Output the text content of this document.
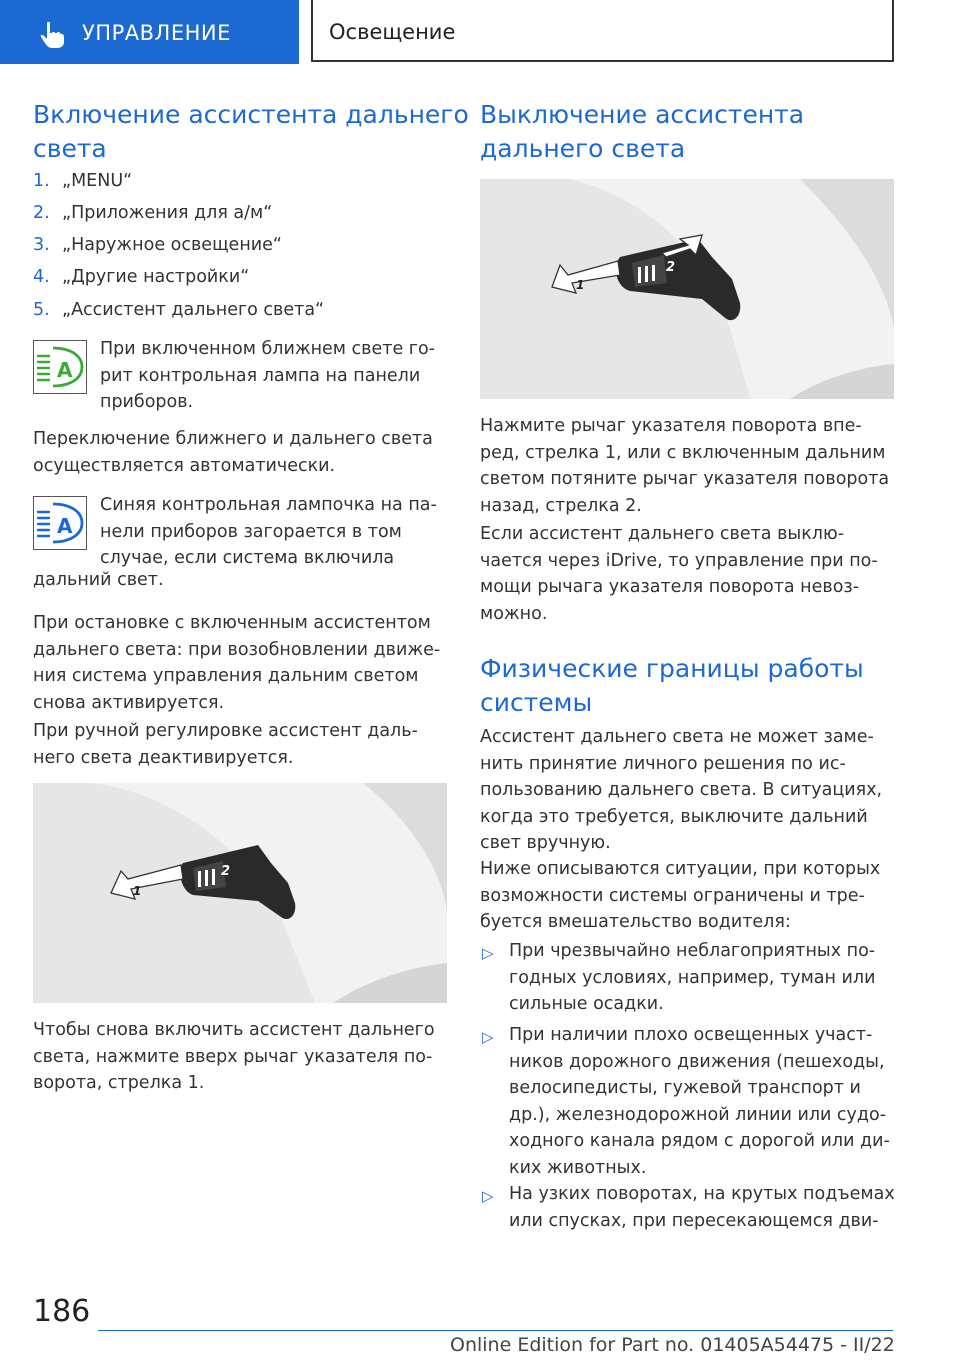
УПРАВЛЕНИЕ	Освещение
Включение ассистента дальнего
света
1. „MENU“
2. „Приложения для а/м“
3. „Наружное освещение“
4. „Другие настройки“
5. „Ассистент дальнего света“
A

При включенном ближнем свете го-
рит контрольная лампа на панели
приборов.

Переключение ближнего и дальнего света
осуществляется автоматически.

A

Синяя контрольная лампочка на па-
нели приборов загорается в том
случае, если система включила

дальний свет.

При остановке с включенным ассистентом
дальнего света: при возобновлении движе-
ния система управления дальним светом
снова активируется.

При ручной регулировке ассистент даль-
него света деактивируется.

2
1

Чтобы снова включить ассистент дальнего
света, нажмите вверх рычаг указателя по-
ворота, стрелка 1.

Выключение ассистента
дальнего света
2
1

Нажмите рычаг указателя поворота впе-
ред, стрелка 1, или с включенным дальним
светом потяните рычаг указателя поворота
назад, стрелка 2.

Если ассистент дальнего света выклю-
чается через iDrive, то управление при по-
мощи рычага указателя поворота невоз-
можно.

Физические границы работы
системы

Ассистент дальнего света не может заме-
нить принятие личного решения по ис-
пользованию дальнего света. В ситуациях,
когда это требуется, выключите дальний
свет вручную.

Ниже описываются ситуации, при которых
возможности системы ограничены и тре-
буется вмешательство водителя:

▷ При чрезвычайно неблагоприятных по-
годных условиях, например, туман или
сильные осадки.

▷ При наличии плохо освещенных участ-
ников дорожного движения (пешеходы,
велосипедисты, гужевой транспорт и
др.), железнодорожной линии или судо-
ходного канала рядом с дорогой или ди-
ких животных.

▷ На узких поворотах, на крутых подъемах
или спусках, при пересекающемся дви-

186
Online Edition for Part no. 01405A54475 - II/22
